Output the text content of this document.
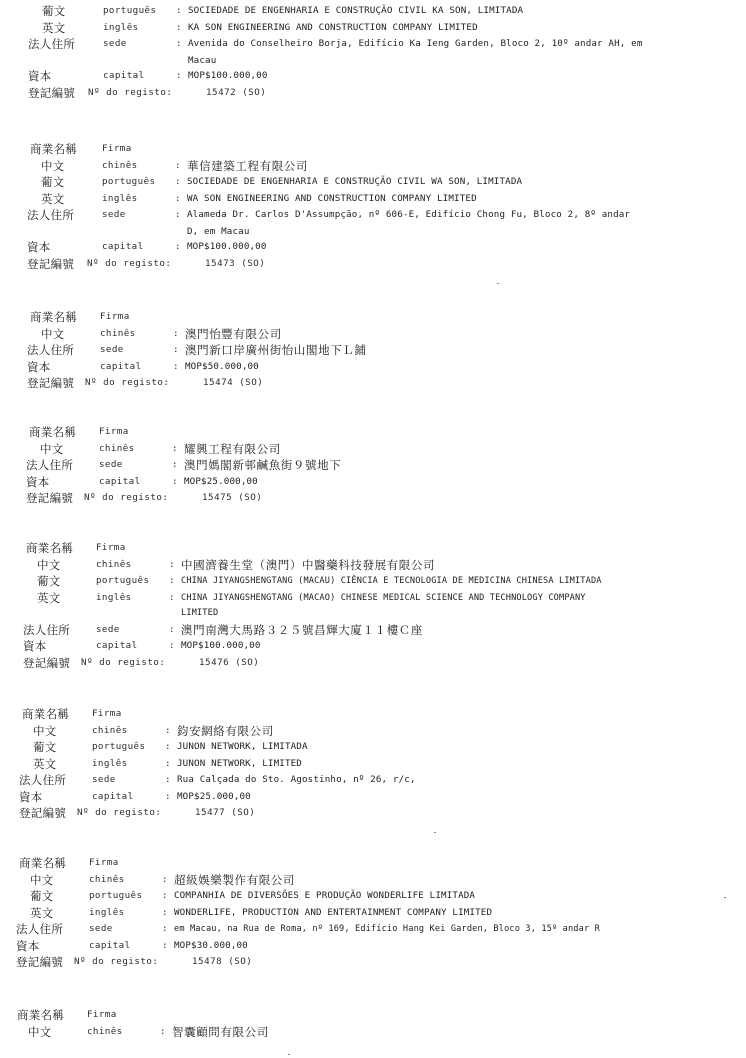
葡文	português : SOCIEDADE DE ENGENHARIA E CONSTRUÇÃO CIVIL KA SON, LIMITADA
英文	inglês	: KA SON ENGINEERING AND CONSTRUCTION COMPANY LIMITED
法人住所	sede	: Avenida do Conselheiro Borja, Edifício Ka Ieng Garden, Bloco 2, 10º andar AH, em
Macau
資本	capital	: MOP$100.000,00
登記編號 Nº do registo:	15472 (SO)
商業名稱	Firma
中文	chinês	: 華信建築工程有限公司
葡文	português : SOCIEDADE DE ENGENHARIA E CONSTRUÇÃO CIVIL WA SON, LIMITADA
英文	inglês	: WA SON ENGINEERING AND CONSTRUCTION COMPANY LIMITED
法人住所	sede	: Alameda Dr. Carlos D'Assumpção, nº 606-E, Edifício Chong Fu, Bloco 2, 8º andar
D, em Macau
資本	capital	: MOP$100.000,00
登記編號 Nº do registo:	15473 (SO)
商業名稱 Firma
中文	chinês	: 澳門怡豐有限公司
法人住所	sede	: 澳門新口岸廣州街怡山閣地下Ｌ鋪
資本	capital	: MOP$50.000,00
登記編號 Nº do registo:	15474 (SO)
商業名稱 Firma
中文	chinês	: 耀興工程有限公司
法人住所	sede	: 澳門媽閣新邨鹹魚街９號地下
資本	capital	: MOP$25.000,00
登記編號 Nº do registo:	15475 (SO)
商業名稱 Firma
中文	chinês	: 中國濟養生堂（澳門）中醫藥科技發展有限公司
葡文	português : CHINA JIYANGSHENGTANG (MACAU) CIÊNCIA E TECNOLOGIA DE MEDICINA CHINESA LIMITADA
英文	inglês	: CHINA JIYANGSHENGTANG (MACAO) CHINESE MEDICAL SCIENCE AND TECHNOLOGY COMPANY
LIMITED
法人住所	sede	: 澳門南灣大馬路３２５號昌輝大廈１１樓Ｃ座
資本	capital	: MOP$100.000,00
登記編號 Nº do registo:	15476 (SO)
商業名稱 Firma
中文	chinês	: 鈞安網絡有限公司
葡文	português : JUNON NETWORK, LIMITADA
英文	inglês	: JUNON NETWORK, LIMITED
法人住所	sede	: Rua Calçada do Sto. Agostinho, nº 26, r/c,
資本	capital	: MOP$25.000,00
登記編號 Nº do registo:	15477 (SO)
商業名稱 Firma
中文	chinês	: 超級娛樂製作有限公司
葡文	português : COMPANHIA DE DIVERSÕES E PRODUÇÃO WONDERLIFE LIMITADA
英文	inglês	: WONDERLIFE, PRODUCTION AND ENTERTAINMENT COMPANY LIMITED
法人住所	sede	: em Macau, na Rua de Roma, nº 169, Edifício Hang Kei Garden, Bloco 3, 15º andar R
資本	capital	: MOP$30.000,00
登記編號 Nº do registo:	15478 (SO)
商業名稱 Firma
中文	chinês	: 智囊顧問有限公司
